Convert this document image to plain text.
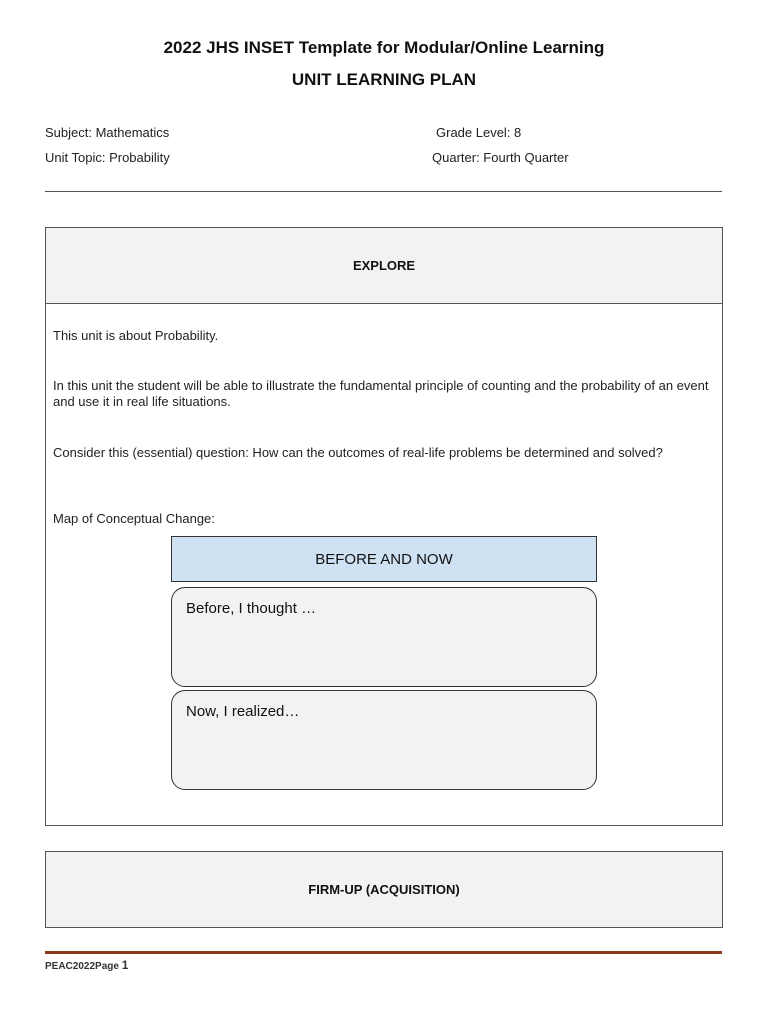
2022 JHS INSET Template for Modular/Online Learning
UNIT LEARNING PLAN
Subject: Mathematics	Grade Level: 8
Unit Topic: Probability	Quarter: Fourth Quarter
EXPLORE
This unit is about Probability.
In this unit the student will be able to illustrate the fundamental principle of counting and the probability of an event and use it in real life situations.
Consider this (essential) question: How can the outcomes of real-life problems be determined and solved?
Map of Conceptual Change:
BEFORE AND NOW
Before, I thought …
Now, I realized…
FIRM-UP (ACQUISITION)
PEAC2022Page 1
